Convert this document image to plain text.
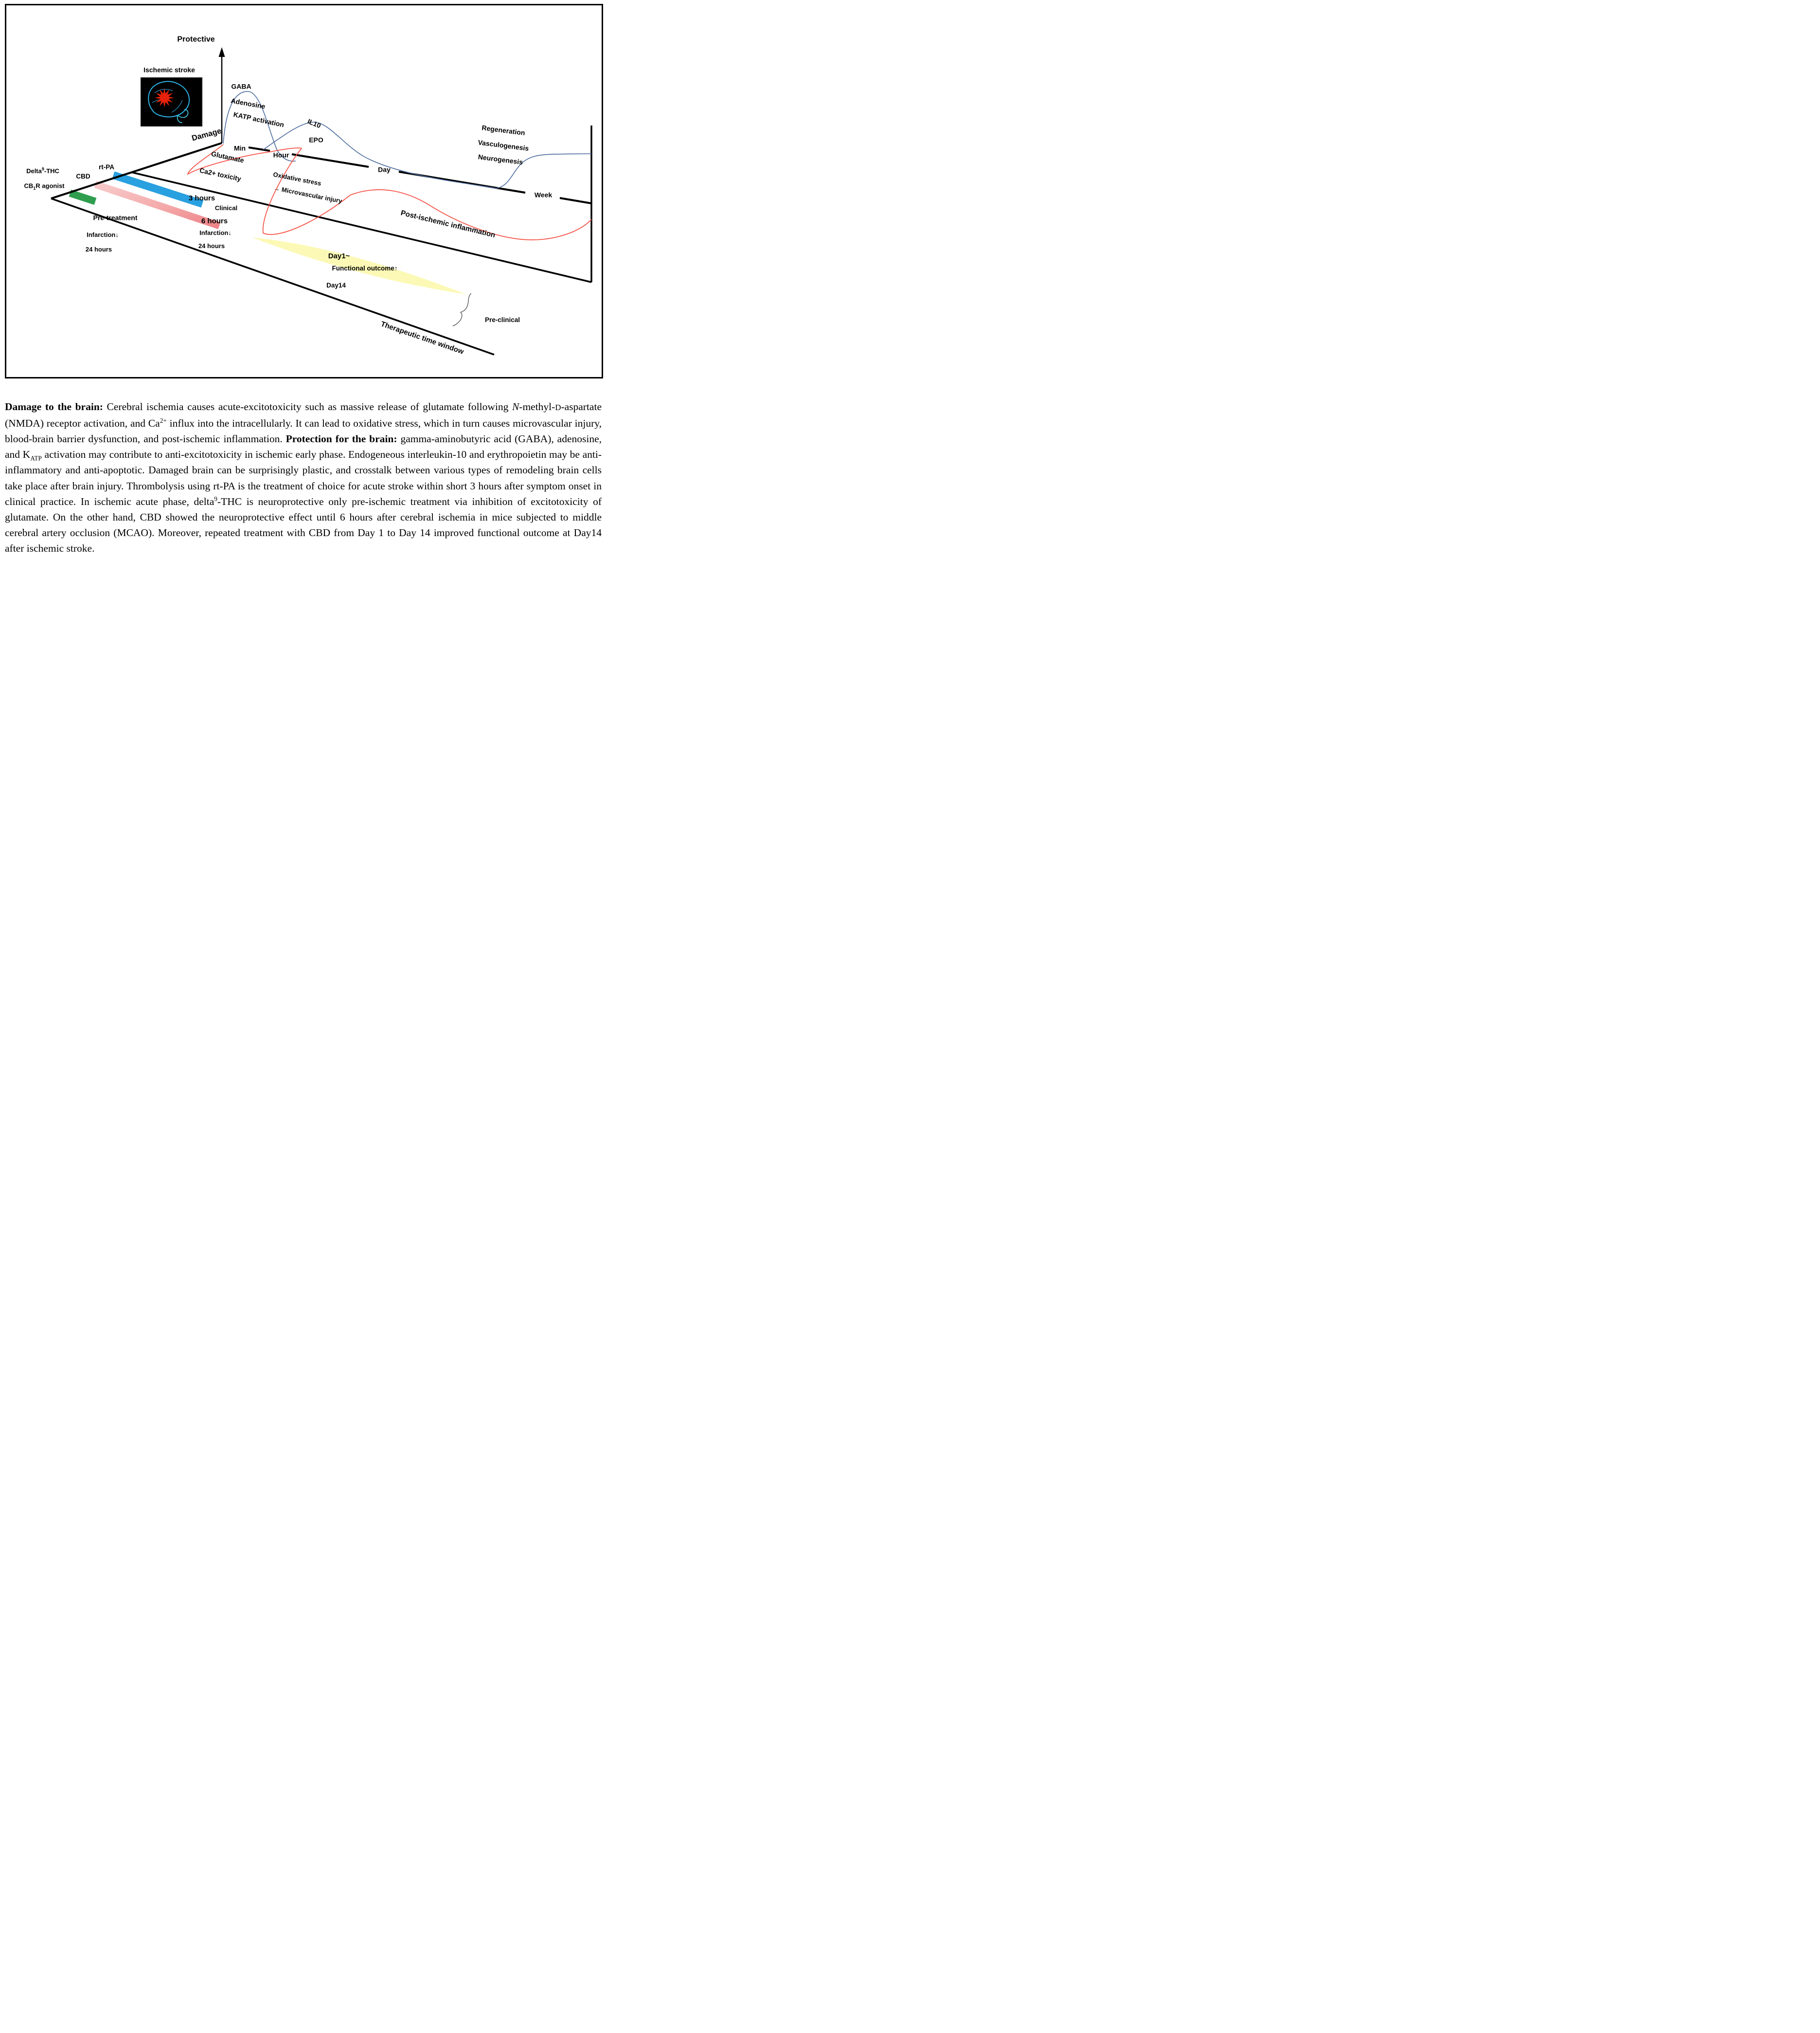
Protective
Ischemic stroke
GABA
Adenosine
KATP activation	IL10
EPO
Damage
Min
Hour
Day
Week
Glutamate
Ca2+ toxicity	Oxidative stress
→ Microvascular injury
Post-ischemic inflammation
Regeneration
Vasculogenesis
Neurogenesis
Delta$^9$-THC
CBD
rt-PA
$CB_1R$ agonist
Pre-treatment
Infarction↓
24 hours
3 hours
Clinical
6 hours
Infarction↓
24 hours
Day1~
Functional outcome↑
Day14
Pre-clinical
Therapeutic time window

Damage to the brain: Cerebral ischemia causes acute-excitotoxicity such as massive release of glutamate following N-methyl-D-aspartate (NMDA) receptor activation, and $Ca^{2+}$ influx into the intracellularly. It can lead to oxidative stress, which in turn causes microvascular injury, blood-brain barrier dysfunction, and post-ischemic inflammation. Protection for the brain: gamma-aminobutyric acid (GABA), adenosine, and $K_{ATP}$ activation may contribute to anti-excitotoxicity in ischemic early phase. Endogeneous interleukin-10 and erythropoietin may be anti-inflammatory and anti-apoptotic. Damaged brain can be surprisingly plastic, and crosstalk between various types of remodeling brain cells take place after brain injury. Thrombolysis using rt-PA is the treatment of choice for acute stroke within short 3 hours after symptom onset in clinical practice. In ischemic acute phase, delta$^9$-THC is neuroprotective only pre-ischemic treatment via inhibition of excitotoxicity of glutamate. On the other hand, CBD showed the neuroprotective effect until 6 hours after cerebral ischemia in mice subjected to middle cerebral artery occlusion (MCAO). Moreover, repeated treatment with CBD from Day 1 to Day 14 improved functional outcome at Day14 after ischemic stroke.
